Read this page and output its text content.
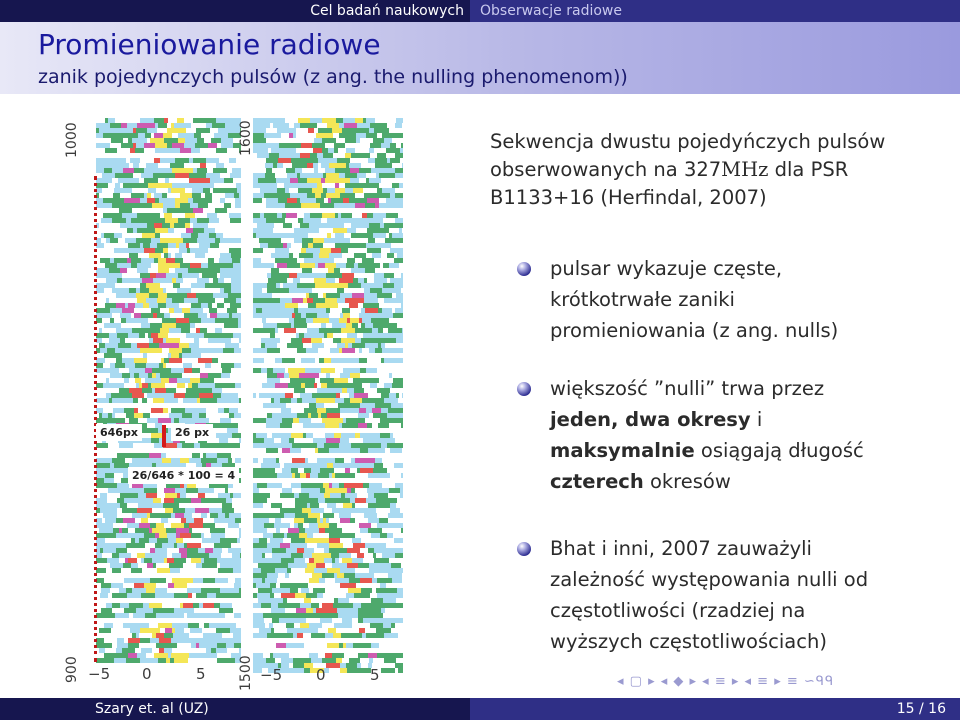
Cel badań naukowych	Obserwacje radiowe
Promieniowanie radiowe
zanik pojedynczych pulsów (z ang. the nulling phenomenom))
1000
900
1600
1500
−5 0	5	−5 0	5
646px	26 px
26/646 * 100 = 4
Sekwencja dwustu pojedyńczych pulsów
obserwowanych na 327MHz dla PSR
B1133+16 (Herfindal, 2007)
pulsar wykazuje częste,
krótkotrwałe zaniki
promieniowania (z ang. nulls)
większość ”nulli” trwa przez
jeden, dwa okresy i
maksymalnie osiągają długość
czterech okresów
Bhat i inni, 2007 zauważyli
zależność występowania nulli od
częstotliwości (rzadziej na
wyższych częstotliwościach)
◂ ▢ ▸ ◂ ◆ ▸ ◂ ≡ ▸ ◂ ≡ ▸ ≡ ∽ᑫᑫ
Szary et. al (UZ)	15 / 16
